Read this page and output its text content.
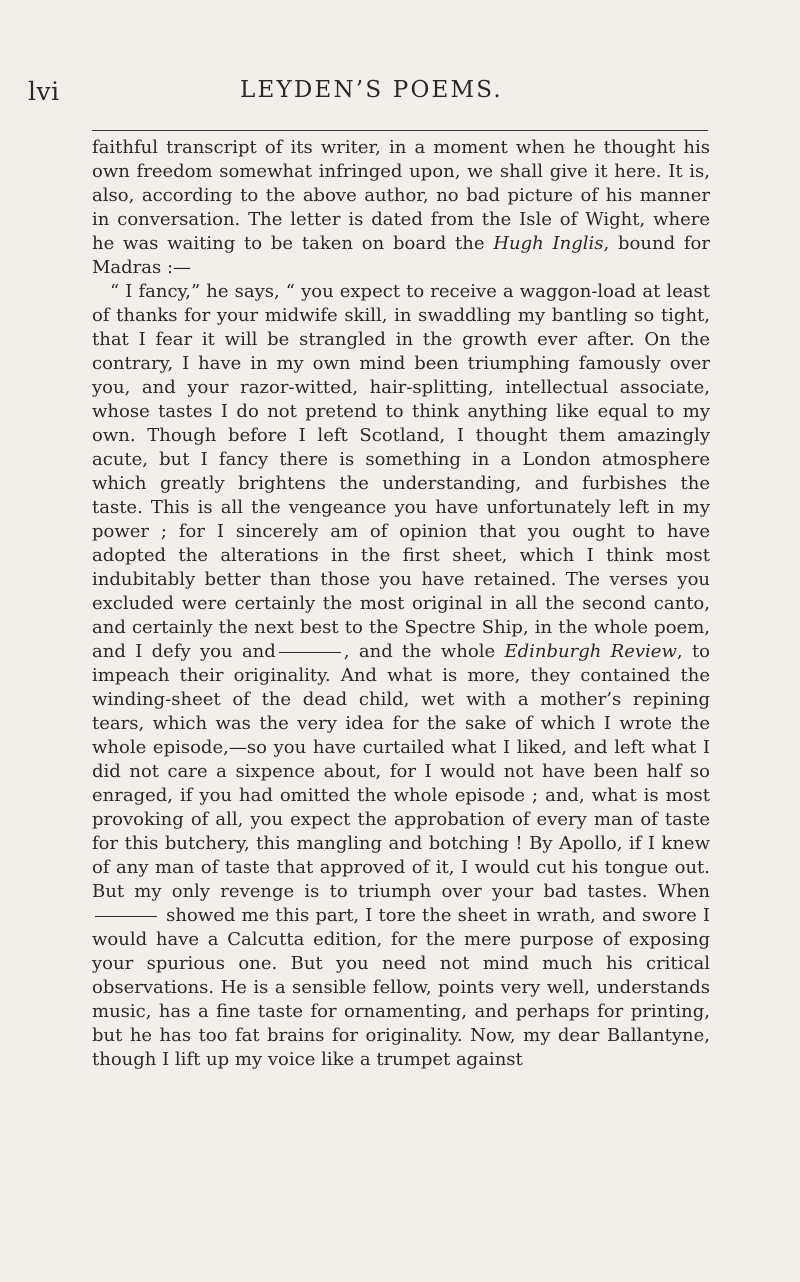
lvi	LEYDEN’S POEMS.

faithful transcript of its writer, in a moment when he thought his own freedom somewhat infringed upon, we shall give it here. It is, also, according to the above author, no bad picture of his manner in conversation. The letter is dated from the Isle of Wight, where he was waiting to be taken on board the Hugh Inglis, bound for Madras :—

“ I fancy,” he says, “ you expect to receive a waggon-load at least of thanks for your midwife skill, in swaddling my bantling so tight, that I fear it will be strangled in the growth ever after. On the contrary, I have in my own mind been triumphing famously over you, and your razor-witted, hair-splitting, intellectual associate, whose tastes I do not pretend to think anything like equal to my own. Though before I left Scotland, I thought them amazingly acute, but I fancy there is something in a London atmosphere which greatly brightens the understanding, and furbishes the taste. This is all the vengeance you have unfortunately left in my power ; for I sincerely am of opinion that you ought to have adopted the alterations in the first sheet, which I think most indubitably better than those you have retained. The verses you excluded were certainly the most original in all the second canto, and certainly the next best to the Spectre Ship, in the whole poem, and I defy you and	, and the whole Edinburgh Review, to impeach their originality. And what is more, they contained the winding-sheet of the dead child, wet with a mother’s repining tears, which was the very idea for the sake of which I wrote the whole episode,—so you have curtailed what I liked, and left what I did not care a sixpence about, for I would not have been half so enraged, if you had omitted the whole episode ; and, what is most provoking of all, you expect the approbation of every man of taste for this butchery, this mangling and botching ! By Apollo, if I knew of any man of taste that approved of it, I would cut his tongue out. But my only revenge is to triumph over your bad tastes. When  showed me this part, I tore the sheet in wrath, and swore I would have a Calcutta edition, for the mere purpose of exposing your spurious one. But you need not mind much his critical observations. He is a sensible fellow, points very well, understands music, has a fine taste for ornamenting, and perhaps for printing, but he has too fat brains for originality. Now, my dear Ballantyne, though I lift up my voice like a trumpet against
